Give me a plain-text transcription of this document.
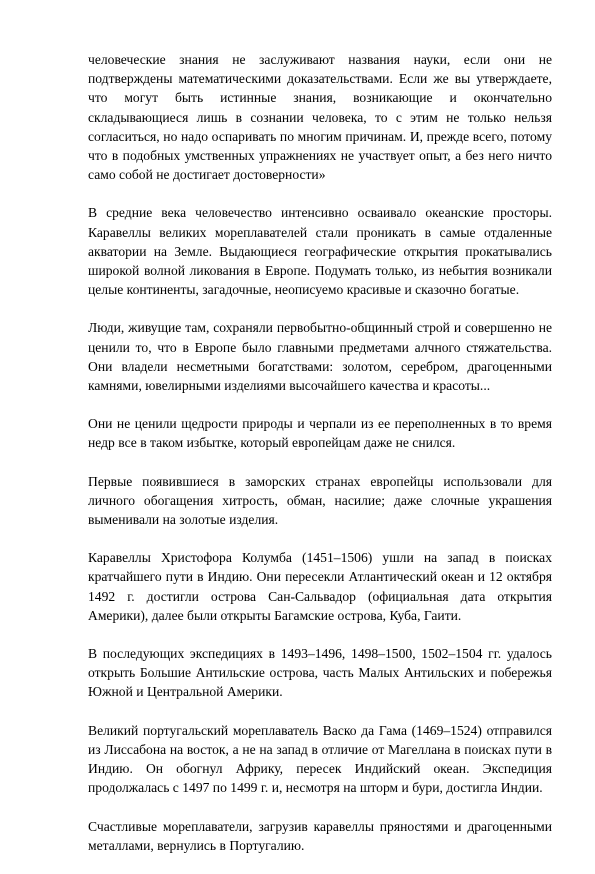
человеческие знания не заслуживают названия науки, если они не подтверждены математическими доказательствами. Если же вы утверждаете, что могут быть истинные знания, возникающие и окончательно складывающиеся лишь в сознании человека, то с этим не только нельзя согласиться, но надо оспаривать по многим причинам. И, прежде всего, потому что в подобных умственных упражнениях не участвует опыт, а без него ничто само собой не достигает достоверности»

В средние века человечество интенсивно осваивало океанские просторы. Каравеллы великих мореплавателей стали проникать в самые отдаленные акватории на Земле. Выдающиеся географические открытия прокатывались широкой волной ликования в Европе. Подумать только, из небытия возникали целые континенты, загадочные, неописуемо красивые и сказочно богатые.

Люди, живущие там, сохраняли первобытно-общинный строй и совершенно не ценили то, что в Европе было главными предметами алчного стяжательства. Они владели несметными богатствами: золотом, серебром, драгоценными камнями, ювелирными изделиями высочайшего качества и красоты...

Они не ценили щедрости природы и черпали из ее переполненных в то время недр все в таком избытке, который европейцам даже не снился.

Первые появившиеся в заморских странах европейцы использовали для личного обогащения хитрость, обман, насилие; даже слочные украшения выменивали на золотые изделия.

Каравеллы Христофора Колумба (1451–1506) ушли на запад в поисках кратчайшего пути в Индию. Они пересекли Атлантический океан и 12 октября 1492 г. достигли острова Сан-Сальвадор (официальная дата открытия Америки), далее были открыты Багамские острова, Куба, Гаити.

В последующих экспедициях в 1493–1496, 1498–1500, 1502–1504 гг. удалось открыть Большие Антильские острова, часть Малых Антильских и побережья Южной и Центральной Америки.

Великий португальский мореплаватель Васко да Гама (1469–1524) отправился из Лиссабона на восток, а не на запад в отличие от Магеллана в поисках пути в Индию. Он обогнул Африку, пересек Индийский океан. Экспедиция продолжалась с 1497 по 1499 г. и, несмотря на шторм и бури, достигла Индии.

Счастливые мореплаватели, загрузив каравеллы пряностями и драгоценными металлами, вернулись в Португалию.
